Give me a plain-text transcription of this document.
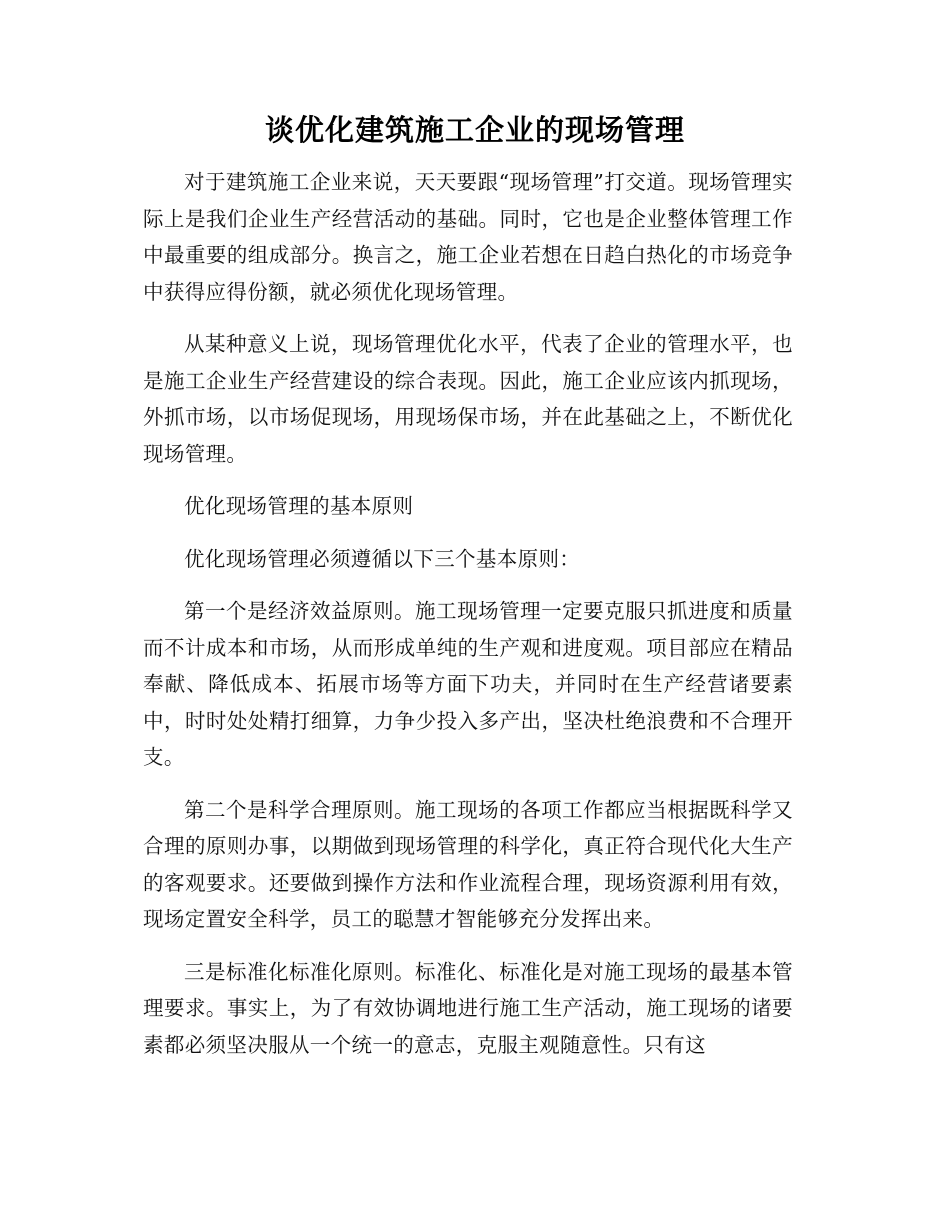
谈优化建筑施工企业的现场管理

对于建筑施工企业来说，天天要跟“现场管理”打交道。现场管理实际上是我们企业生产经营活动的基础。同时，它也是企业整体管理工作中最重要的组成部分。换言之，施工企业若想在日趋白热化的市场竞争中获得应得份额，就必须优化现场管理。

从某种意义上说，现场管理优化水平，代表了企业的管理水平，也是施工企业生产经营建设的综合表现。因此，施工企业应该内抓现场，外抓市场，以市场促现场，用现场保市场，并在此基础之上，不断优化现场管理。

优化现场管理的基本原则

优化现场管理必须遵循以下三个基本原则：

第一个是经济效益原则。施工现场管理一定要克服只抓进度和质量而不计成本和市场，从而形成单纯的生产观和进度观。项目部应在精品奉献、降低成本、拓展市场等方面下功夫，并同时在生产经营诸要素中，时时处处精打细算，力争少投入多产出，坚决杜绝浪费和不合理开支。

第二个是科学合理原则。施工现场的各项工作都应当根据既科学又合理的原则办事，以期做到现场管理的科学化，真正符合现代化大生产的客观要求。还要做到操作方法和作业流程合理，现场资源利用有效，现场定置安全科学，员工的聪慧才智能够充分发挥出来。

三是标准化标准化原则。标准化、标准化是对施工现场的最基本管理要求。事实上，为了有效协调地进行施工生产活动，施工现场的诸要素都必须坚决服从一个统一的意志，克服主观随意性。只有这
